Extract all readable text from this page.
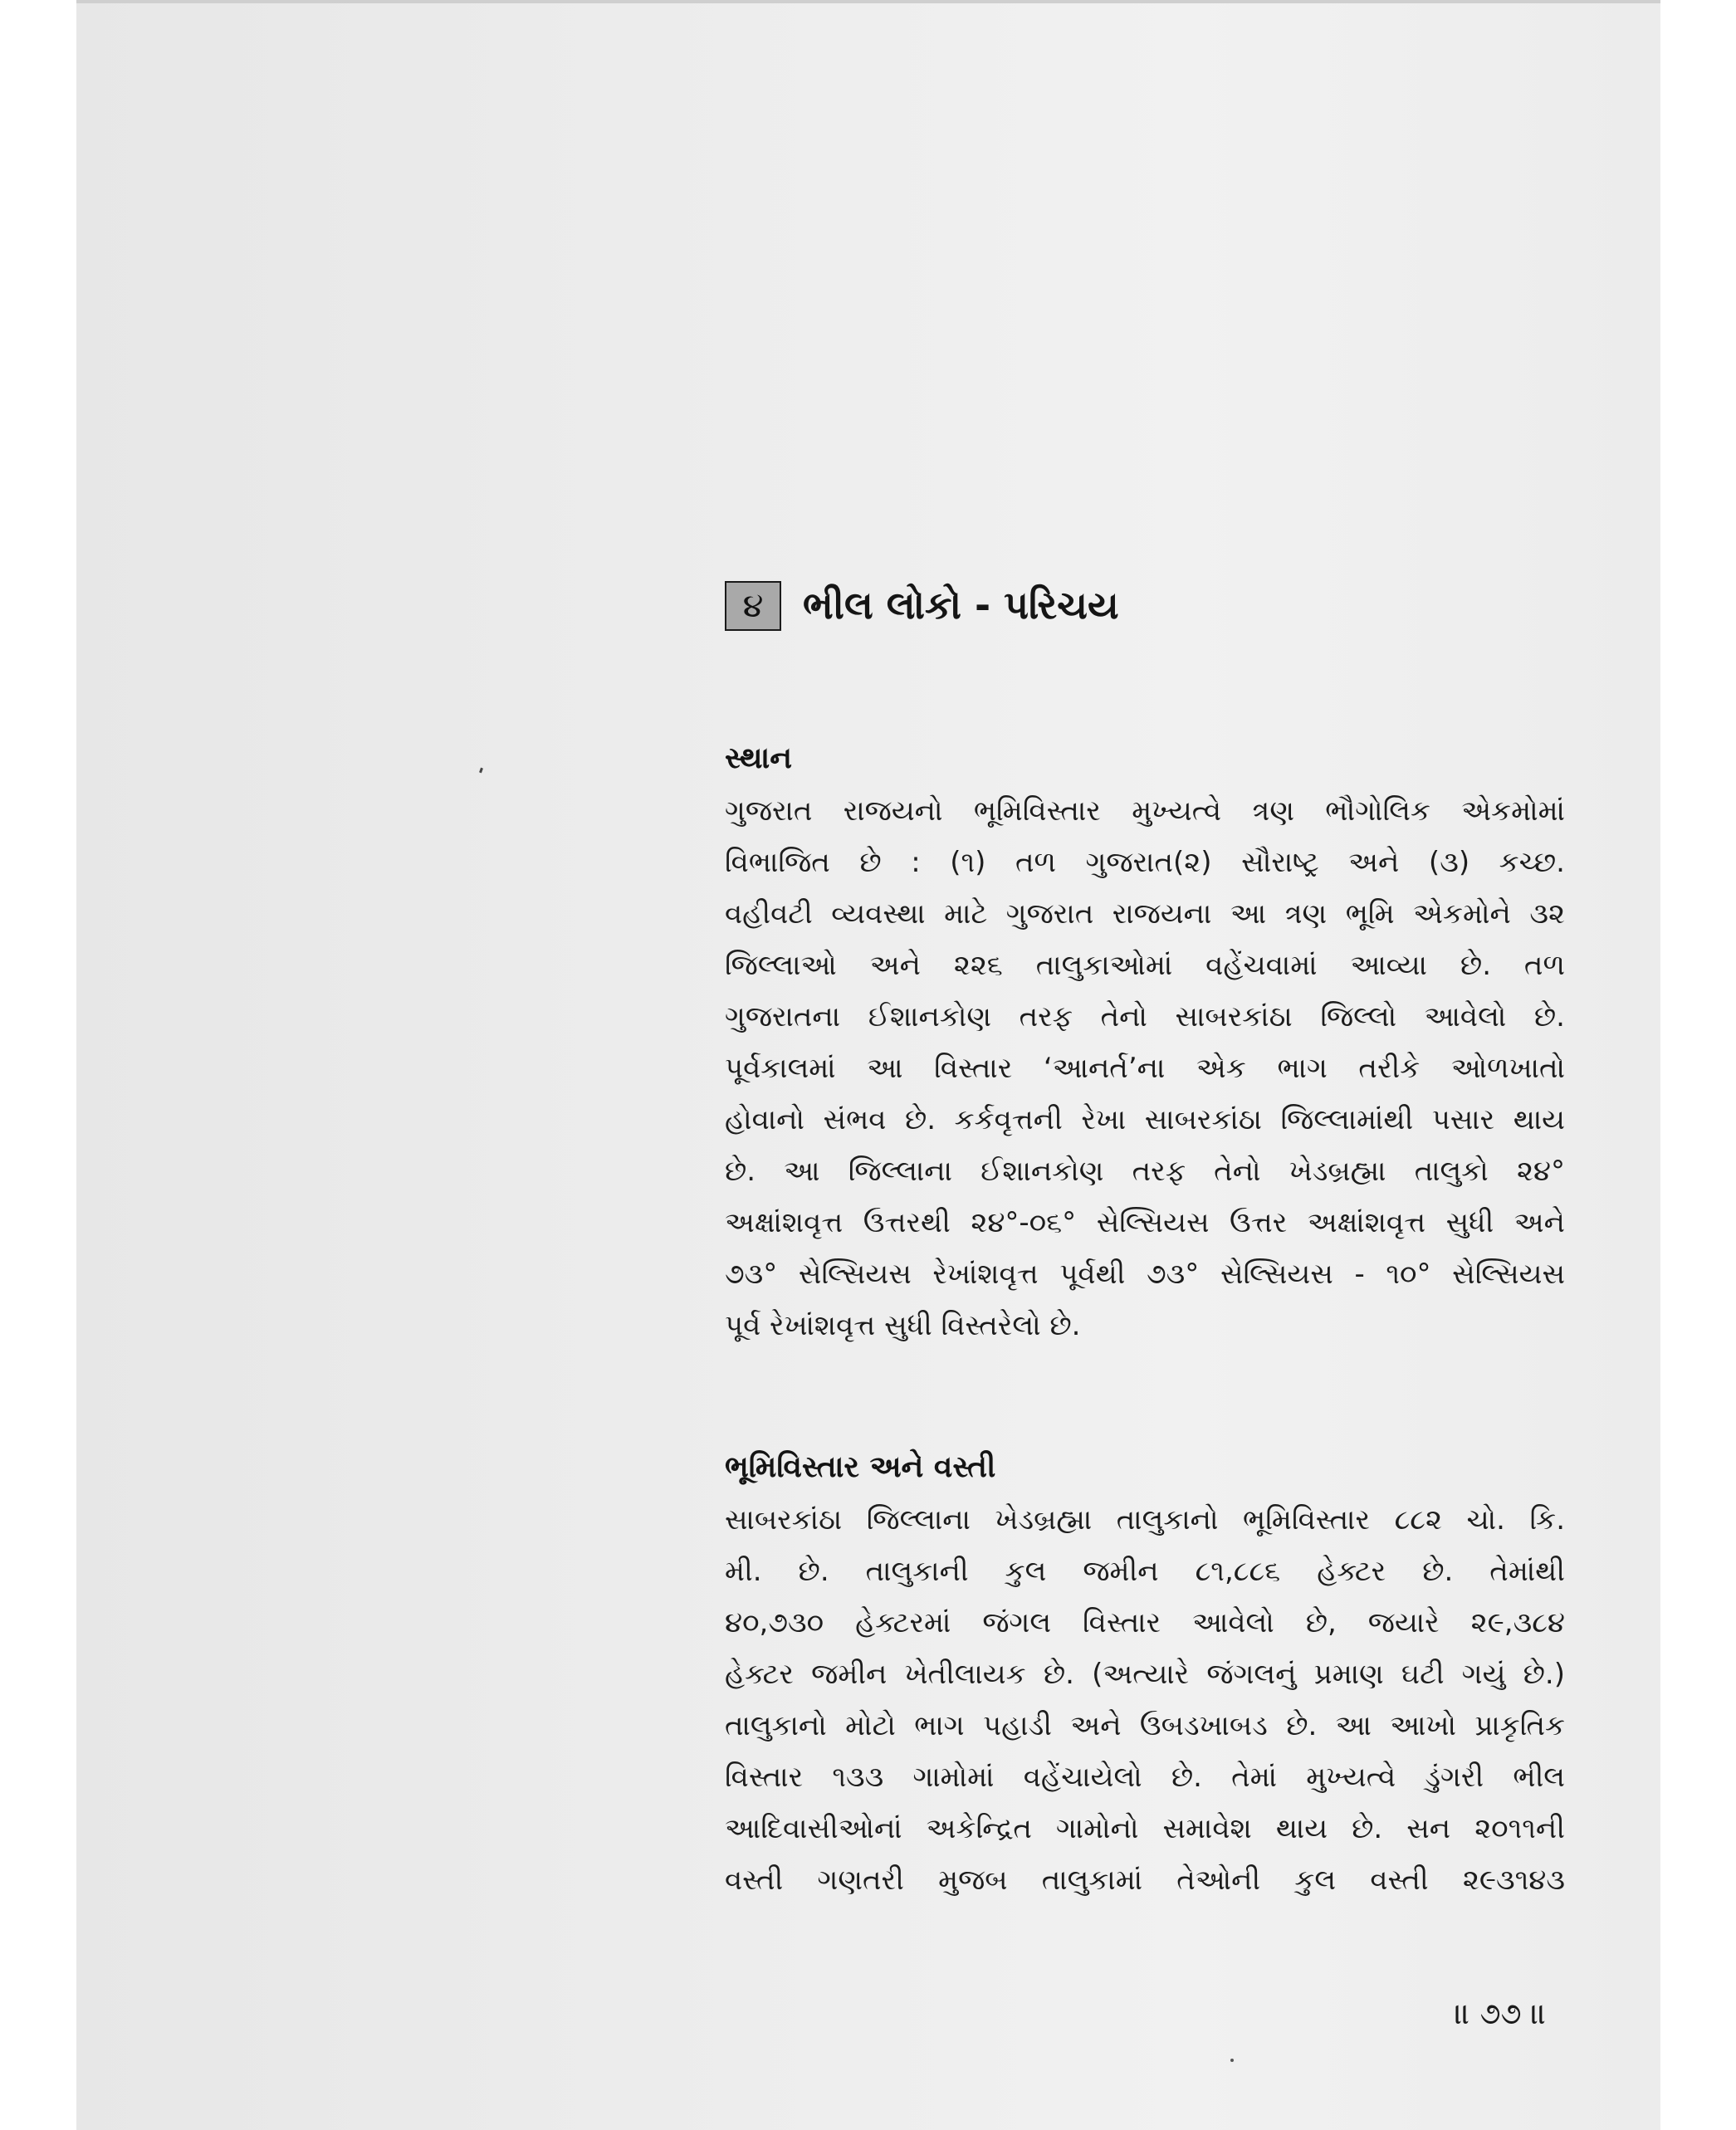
૪	ભીલ લોકો - પરિચય
સ્થાન
ગુજરાત રાજયનો ભૂમિવિસ્તાર મુખ્યત્વે ત્રણ ભૌગોલિક એકમોમાં
વિભાજિત છે : (૧) તળ ગુજરાત(૨) સૌરાષ્ટ્ર અને (૩) કચ્છ.
વહીવટી વ્યવસ્થા માટે ગુજરાત રાજયના આ ત્રણ ભૂમિ એકમોને ૩૨
જિલ્લાઓ અને ૨૨૬ તાલુકાઓમાં વહેંચવામાં આવ્યા છે. તળ
ગુજરાતના ઈશાનકોણ તરફ તેનો સાબરકાંઠા જિલ્લો આવેલો છે.
પૂર્વકાલમાં આ વિસ્તાર ‘આનર્ત’ના એક ભાગ તરીકે ઓળખાતો
હોવાનો સંભવ છે. કર્કવૃત્તની રેખા સાબરકાંઠા જિલ્લામાંથી પસાર થાય
છે. આ જિલ્લાના ઈશાનકોણ તરફ તેનો ખેડબ્રહ્મા તાલુકો ૨૪°
અક્ષાંશવૃત્ત ઉત્તરથી ૨૪°-૦૬° સેલ્સિયસ ઉત્તર અક્ષાંશવૃત્ત સુધી અને
૭૩° સેલ્સિયસ રેખાંશવૃત્ત પૂર્વથી ૭૩° સેલ્સિયસ - ૧૦° સેલ્સિયસ
પૂર્વ રેખાંશવૃત્ત સુધી વિસ્તરેલો છે.
ભૂમિવિસ્તાર અને વસ્તી
સાબરકાંઠા જિલ્લાના ખેડબ્રહ્મા તાલુકાનો ભૂમિવિસ્તાર ૮૮૨ ચો. કિ.
મી. છે. તાલુકાની કુલ જમીન ૮૧,૮૮૬ હેક્ટર છે. તેમાંથી
૪૦,૭૩૦ હેક્ટરમાં જંગલ વિસ્તાર આવેલો છે, જયારે ૨૯,૩૮૪
હેક્ટર જમીન ખેતીલાયક છે. (અત્યારે જંગલનું પ્રમાણ ઘટી ગયું છે.)
તાલુકાનો મોટો ભાગ પહાડી અને ઉબડખાબડ છે. આ આખો પ્રાકૃતિક
વિસ્તાર ૧૩૩ ગામોમાં વહેંચાયેલો છે. તેમાં મુખ્યત્વે ડુંગરી ભીલ
આદિવાસીઓનાં અકેન્દ્રિત ગામોનો સમાવેશ થાય છે. સન ૨૦૧૧ની
વસ્તી ગણતરી મુજબ તાલુકામાં તેઓની કુલ વસ્તી ૨૯૩૧૪૩
॥ ૭૭ ॥
